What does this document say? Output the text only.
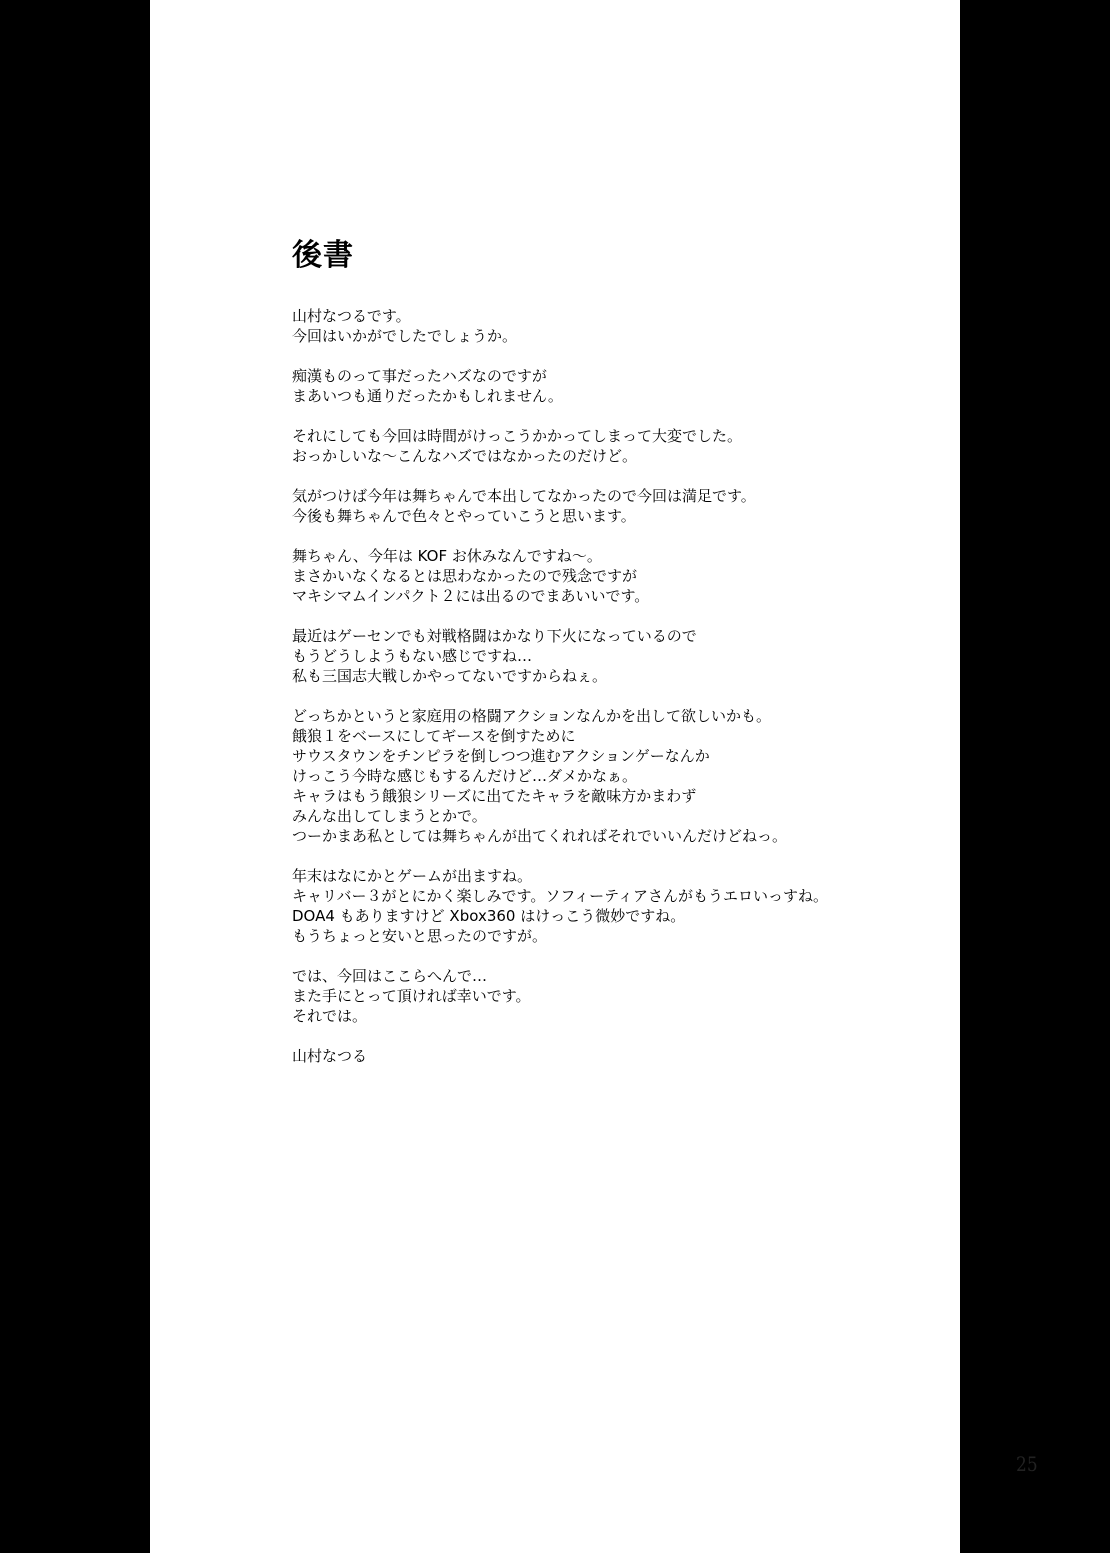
後書
山村なつるです。
今回はいかがでしたでしょうか。
痴漢ものって事だったハズなのですが
まあいつも通りだったかもしれません。
それにしても今回は時間がけっこうかかってしまって大変でした。
おっかしいな〜こんなハズではなかったのだけど。
気がつけば今年は舞ちゃんで本出してなかったので今回は満足です。
今後も舞ちゃんで色々とやっていこうと思います。
舞ちゃん、今年は KOF お休みなんですね〜。
まさかいなくなるとは思わなかったので残念ですが
マキシマムインパクト２には出るのでまあいいです。
最近はゲーセンでも対戦格闘はかなり下火になっているので
もうどうしようもない感じですね…
私も三国志大戦しかやってないですからねぇ。
どっちかというと家庭用の格闘アクションなんかを出して欲しいかも。
餓狼１をベースにしてギースを倒すために
サウスタウンをチンピラを倒しつつ進むアクションゲーなんか
けっこう今時な感じもするんだけど…ダメかなぁ。
キャラはもう餓狼シリーズに出てたキャラを敵味方かまわず
みんな出してしまうとかで。
つーかまあ私としては舞ちゃんが出てくれればそれでいいんだけどねっ。
年末はなにかとゲームが出ますね。
キャリバー３がとにかく楽しみです。ソフィーティアさんがもうエロいっすね。
DOA4 もありますけど Xbox360 はけっこう微妙ですね。
もうちょっと安いと思ったのですが。
では、今回はここらへんで…
また手にとって頂ければ幸いです。
それでは。
山村なつる
25
